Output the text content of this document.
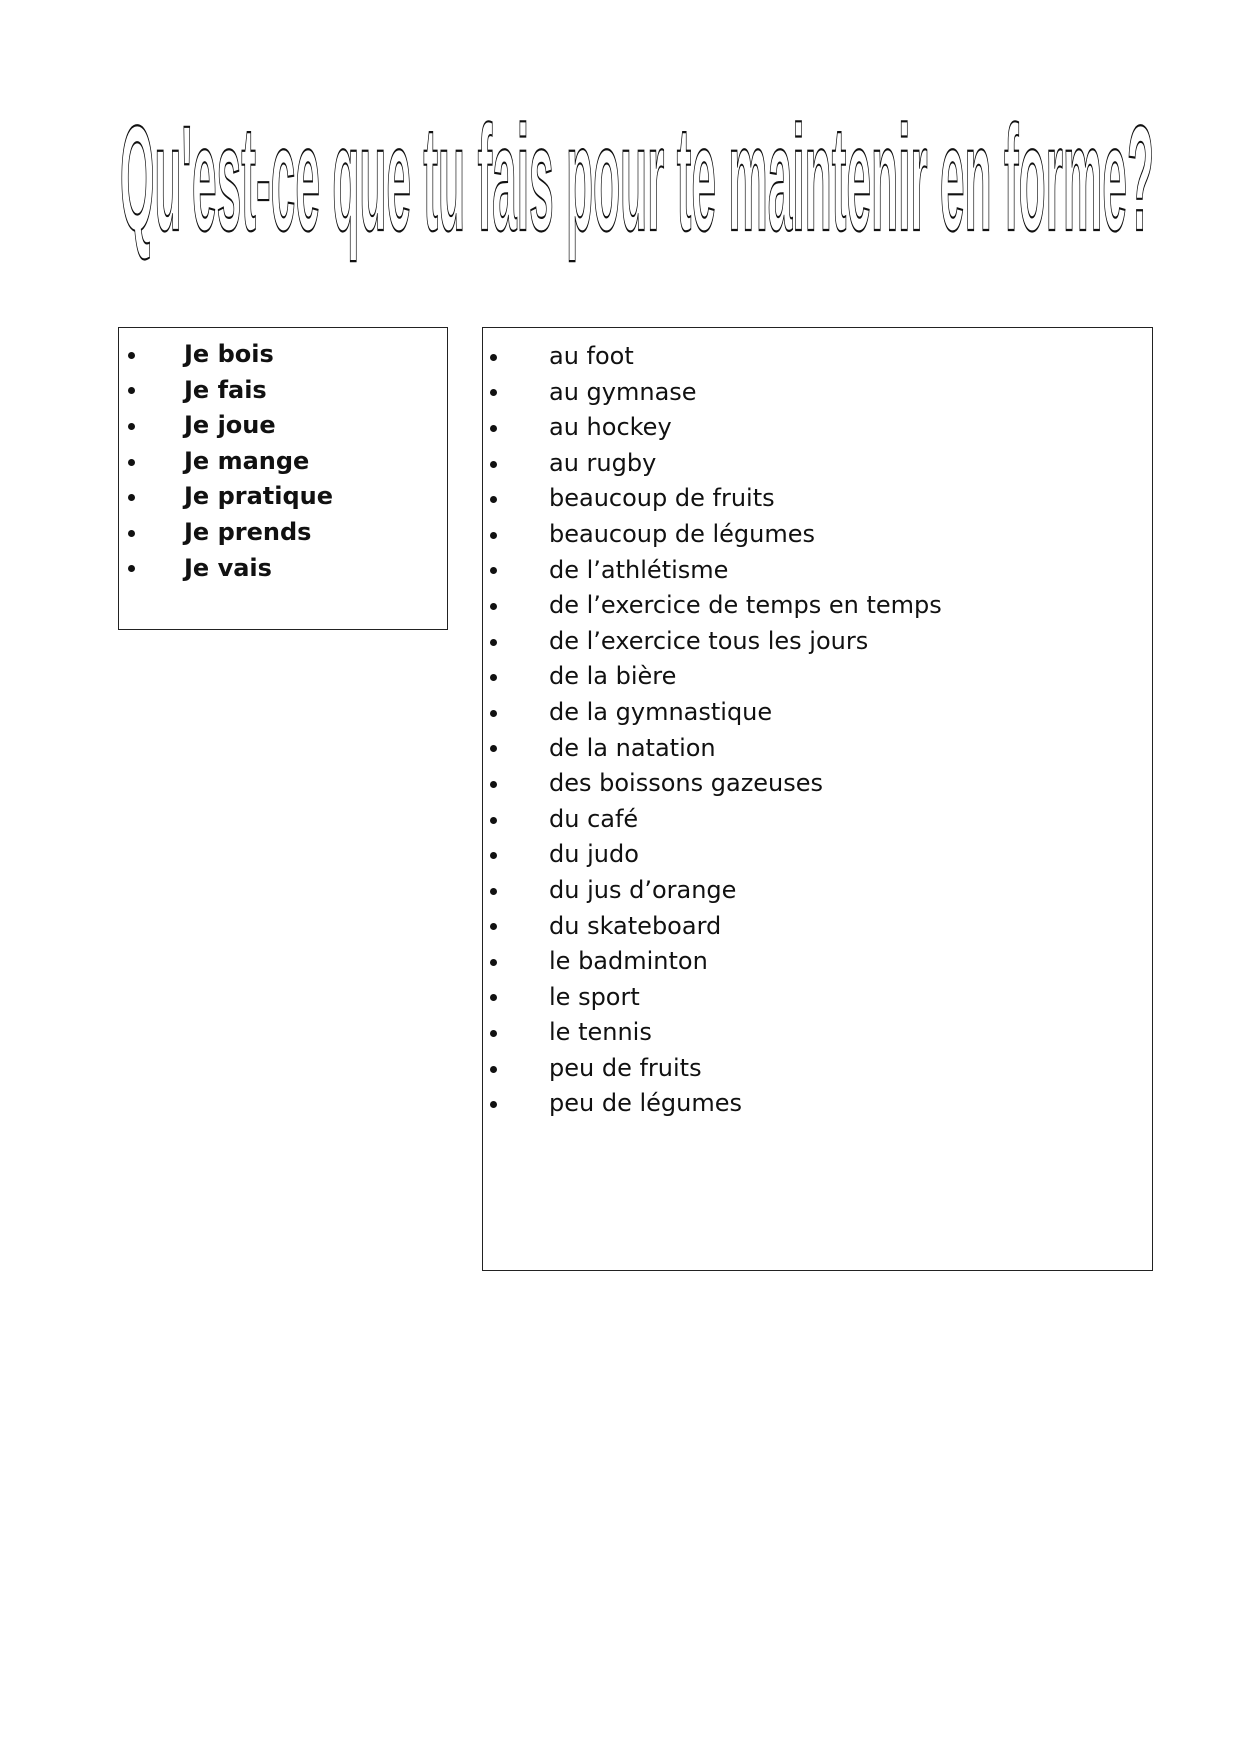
Qu'est-ce que tu fais pour te maintenir en forme?
Je bois
Je fais
Je joue
Je mange
Je pratique
Je prends
Je vais
au foot
au gymnase
au hockey
au rugby
beaucoup de fruits
beaucoup de légumes
de l’athlétisme
de l’exercice de temps en temps
de l’exercice tous les jours
de la bière
de la gymnastique
de la natation
des boissons gazeuses
du café
du judo
du jus d’orange
du skateboard
le badminton
le sport
le tennis
peu de fruits
peu de légumes
